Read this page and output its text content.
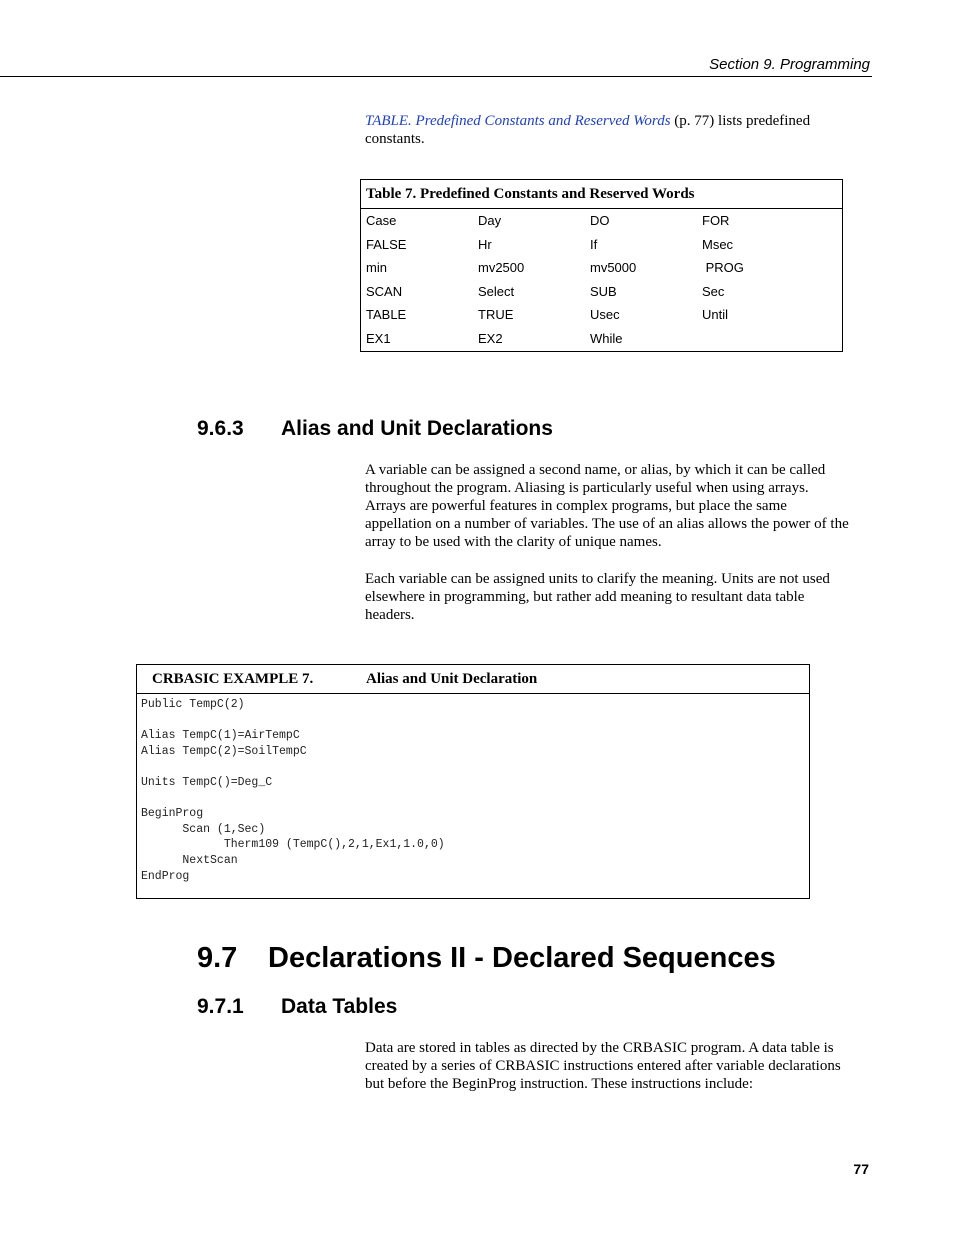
Section 9. Programming

TABLE. Predefined Constants and Reserved Words (p. 77) lists predefined
constants.

Table 7. Predefined Constants and Reserved Words
Case	Day	DO	FOR
FALSE	Hr	If	Msec
min	mv2500	mv5000	PROG
SCAN	Select	SUB	Sec
TABLE	TRUE	Usec	Until
EX1	EX2	While
9.6.3 Alias and Unit Declarations

A variable can be assigned a second name, or alias, by which it can be called
throughout the program. Aliasing is particularly useful when using arrays.
Arrays are powerful features in complex programs, but place the same
appellation on a number of variables. The use of an alias allows the power of the
array to be used with the clarity of unique names.

Each variable can be assigned units to clarify the meaning. Units are not used
elsewhere in programming, but rather add meaning to resultant data table
headers.

CRBASIC EXAMPLE 7.	Alias and Unit Declaration
Public TempC(2)
Alias TempC(1)=AirTempC
Alias TempC(2)=SoilTempC
Units TempC()=Deg_C
BeginProg
Scan (1,Sec)
Therm109 (TempC(),2,1,Ex1,1.0,0)
NextScan
EndProg
9.7 Declarations II - Declared Sequences
9.7.1 Data Tables

Data are stored in tables as directed by the CRBASIC program. A data table is
created by a series of CRBASIC instructions entered after variable declarations
but before the BeginProg instruction. These instructions include:

77
